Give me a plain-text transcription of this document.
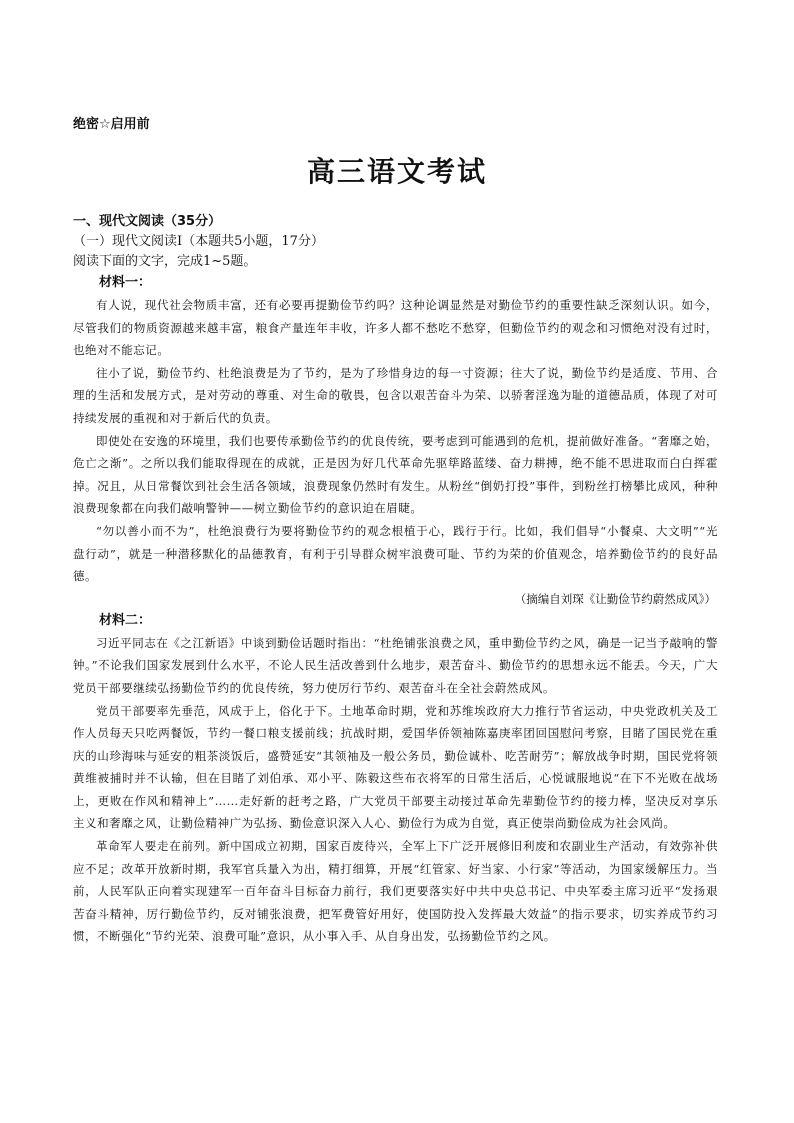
绝密☆启用前
高三语文考试
一、现代文阅读（35分）
（一）现代文阅读Ⅰ（本题共5小题，17分）
阅读下面的文字，完成1~5题。
材料一：

有人说，现代社会物质丰富，还有必要再提勤俭节约吗？这种论调显然是对勤俭节约的重要性缺乏深刻认识。如今，尽管我们的物质资源越来越丰富，粮食产量连年丰收，许多人都不愁吃不愁穿，但勤俭节约的观念和习惯绝对没有过时，也绝对不能忘记。

往小了说，勤俭节约、杜绝浪费是为了节约，是为了珍惜身边的每一寸资源；往大了说，勤俭节约是适度、节用、合理的生活和发展方式，是对劳动的尊重、对生命的敬畏，包含以艰苦奋斗为荣、以骄奢淫逸为耻的道德品质，体现了对可持续发展的重视和对于新后代的负责。

即使处在安逸的环境里，我们也要传承勤俭节约的优良传统，要考虑到可能遇到的危机，提前做好准备。“奢靡之始，危亡之渐”。之所以我们能取得现在的成就，正是因为好几代革命先驱筚路蓝缕、奋力耕搏，绝不能不思进取而白白挥霍掉。况且，从日常餐饮到社会生活各领域，浪费现象仍然时有发生。从粉丝“倒奶打投”事件，到粉丝打榜攀比成风，种种浪费现象都在向我们敲响警钟——树立勤俭节约的意识迫在眉睫。

“勿以善小而不为”，杜绝浪费行为要将勤俭节约的观念根植于心，践行于行。比如，我们倡导“小餐桌、大文明”“光盘行动”，就是一种潜移默化的品德教育，有利于引导群众树牢浪费可耻、节约为荣的价值观念，培养勤俭节约的良好品德。

（摘编自刘琛《让勤俭节约蔚然成风》）
材料二：

习近平同志在《之江新语》中谈到勤俭话题时指出：“杜绝铺张浪费之风，重申勤俭节约之风，确是一记当予敲响的警钟。”不论我们国家发展到什么水平，不论人民生活改善到什么地步，艰苦奋斗、勤俭节约的思想永远不能丢。今天，广大党员干部要继续弘扬勤俭节约的优良传统，努力使厉行节约、艰苦奋斗在全社会蔚然成风。

党员干部要率先垂范，风成于上，俗化于下。土地革命时期，党和苏维埃政府大力推行节省运动，中央党政机关及工作人员每天只吃两餐饭，节约一餐口粮支援前线；抗战时期，爱国华侨领袖陈嘉庚率团回国慰问考察，目睹了国民党在重庆的山珍海味与延安的粗茶淡饭后，盛赞延安“其领袖及一般公务员，勤俭诚朴、吃苦耐劳”；解放战争时期，国民党将领黄维被捕时并不认输，但在目睹了刘伯承、邓小平、陈毅这些布衣将军的日常生活后，心悦诚服地说“在下不光败在战场上，更败在作风和精神上”……走好新的赶考之路，广大党员干部要主动接过革命先辈勤俭节约的接力棒，坚决反对享乐主义和奢靡之风，让勤俭精神广为弘扬、勤俭意识深入人心、勤俭行为成为自觉，真正使崇尚勤俭成为社会风尚。

革命军人要走在前列。新中国成立初期，国家百废待兴，全军上下广泛开展修旧利废和农副业生产活动，有效弥补供应不足；改革开放新时期，我军官兵量入为出，精打细算，开展“红管家、好当家、小行家”等活动，为国家缓解压力。当前，人民军队正向着实现建军一百年奋斗目标奋力前行，我们更要落实好中共中央总书记、中央军委主席习近平“发扬艰苦奋斗精神，厉行勤俭节约，反对铺张浪费，把军费管好用好，使国防投入发挥最大效益”的指示要求，切实养成节约习惯，不断强化“节约光荣、浪费可耻”意识，从小事入手、从自身出发，弘扬勤俭节约之风。
